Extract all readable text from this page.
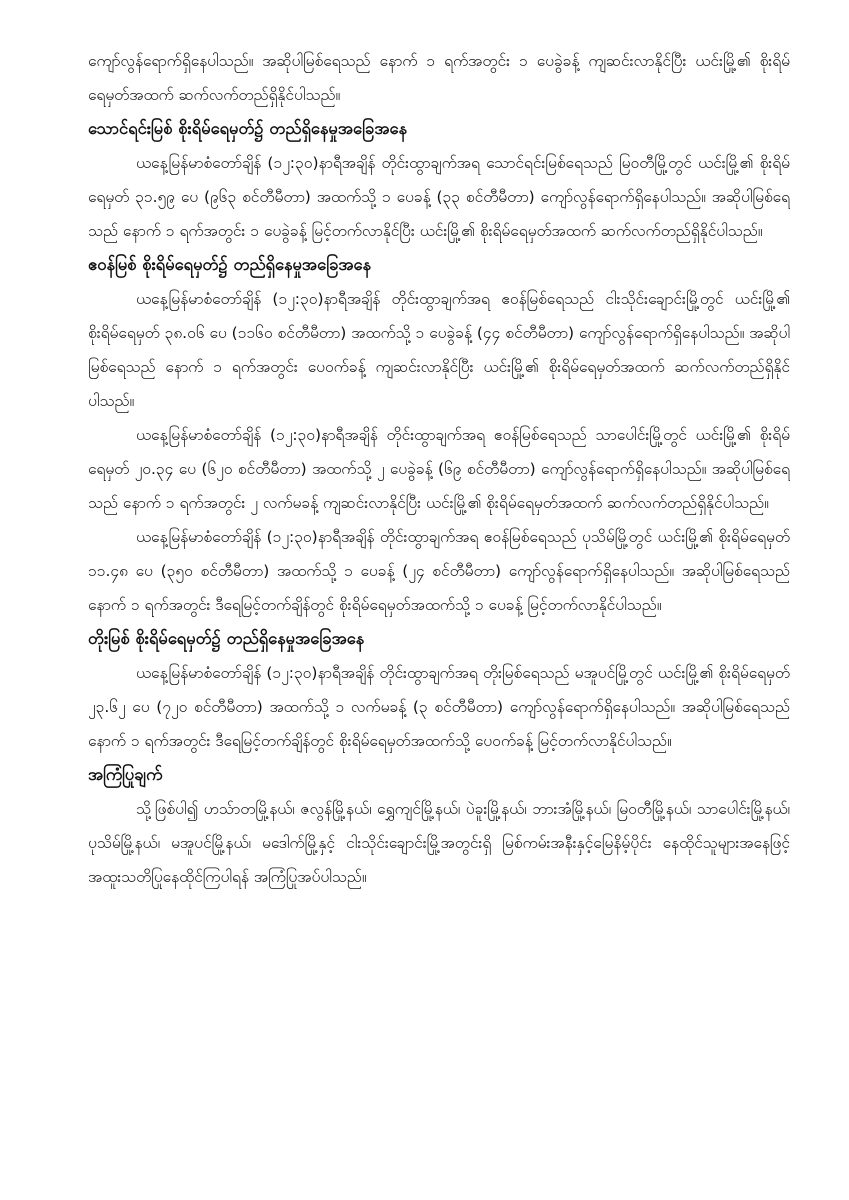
ကျော်လွန်ရောက်ရှိနေပါသည်။ အဆိုပါမြစ်ရေသည် နောက် ၁ ရက်အတွင်း ၁ ပေခွဲခန့် ကျဆင်းလာနိုင်ပြီး ယင်းမြို့၏ စိုးရိမ်ရေမှတ်အထက် ဆက်လက်တည်ရှိနိုင်ပါသည်။

သောင်ရင်းမြစ် စိုးရိမ်ရေမှတ်၌ တည်ရှိနေမှုအခြေအနေ

ယနေ့မြန်မာစံတော်ချိန် (၁၂:၃၀)နာရီအချိန် တိုင်းထွာချက်အရ သောင်ရင်းမြစ်ရေသည် မြဝတီမြို့တွင် ယင်းမြို့၏ စိုးရိမ်ရေမှတ် ၃၁.၅၉ ပေ (၉၆၃ စင်တီမီတာ) အထက်သို့ ၁ ပေခန့် (၃၃ စင်တီမီတာ) ကျော်လွန်ရောက်ရှိနေပါသည်။ အဆိုပါမြစ်ရေသည် နောက် ၁ ရက်အတွင်း ၁ ပေခွဲခန့် မြင့်တက်လာနိုင်ပြီး ယင်းမြို့၏ စိုးရိမ်ရေမှတ်အထက် ဆက်လက်တည်ရှိနိုင်ပါသည်။

ဧဝန်မြစ် စိုးရိမ်ရေမှတ်၌ တည်ရှိနေမှုအခြေအနေ

ယနေ့မြန်မာစံတော်ချိန် (၁၂:၃၀)နာရီအချိန် တိုင်းထွာချက်အရ ဧဝန်မြစ်ရေသည် ငါးသိုင်းချောင်းမြို့တွင် ယင်းမြို့၏ စိုးရိမ်ရေမှတ် ၃၈.၀၆ ပေ (၁၁၆၀ စင်တီမီတာ) အထက်သို့ ၁ ပေခွဲခန့် (၄၄ စင်တီမီတာ) ကျော်လွန်ရောက်ရှိနေပါသည်။ အဆိုပါမြစ်ရေသည် နောက် ၁ ရက်အတွင်း ပေဝက်ခန့် ကျဆင်းလာနိုင်ပြီး ယင်းမြို့၏ စိုးရိမ်ရေမှတ်အထက် ဆက်လက်တည်ရှိနိုင်ပါသည်။

ယနေ့မြန်မာစံတော်ချိန် (၁၂:၃၀)နာရီအချိန် တိုင်းထွာချက်အရ ဧဝန်မြစ်ရေသည် သာပေါင်းမြို့တွင် ယင်းမြို့၏ စိုးရိမ်ရေမှတ် ၂၀.၃၄ ပေ (၆၂၀ စင်တီမီတာ) အထက်သို့ ၂ ပေခွဲခန့် (၆၉ စင်တီမီတာ) ကျော်လွန်ရောက်ရှိနေပါသည်။ အဆိုပါမြစ်ရေသည် နောက် ၁ ရက်အတွင်း ၂ လက်မခန့် ကျဆင်းလာနိုင်ပြီး ယင်းမြို့၏ စိုးရိမ်ရေမှတ်အထက် ဆက်လက်တည်ရှိနိုင်ပါသည်။

ယနေ့မြန်မာစံတော်ချိန် (၁၂:၃၀)နာရီအချိန် တိုင်းထွာချက်အရ ဧဝန်မြစ်ရေသည် ပုသိမ်မြို့တွင် ယင်းမြို့၏ စိုးရိမ်ရေမှတ် ၁၁.၄၈ ပေ (၃၅၀ စင်တီမီတာ) အထက်သို့ ၁ ပေခန့် (၂၄ စင်တီမီတာ) ကျော်လွန်ရောက်ရှိနေပါသည်။ အဆိုပါမြစ်ရေသည် နောက် ၁ ရက်အတွင်း ဒီရေမြင့်တက်ချိန်တွင် စိုးရိမ်ရေမှတ်အထက်သို့ ၁ ပေခန့် မြင့်တက်လာနိုင်ပါသည်။

တိုးမြစ် စိုးရိမ်ရေမှတ်၌ တည်ရှိနေမှုအခြေအနေ

ယနေ့မြန်မာစံတော်ချိန် (၁၂:၃၀)နာရီအချိန် တိုင်းထွာချက်အရ တိုးမြစ်ရေသည် မအူပင်မြို့တွင် ယင်းမြို့၏ စိုးရိမ်ရေမှတ် ၂၃.၆၂ ပေ (၇၂၀ စင်တီမီတာ) အထက်သို့ ၁ လက်မခန့် (၃ စင်တီမီတာ) ကျော်လွန်ရောက်ရှိနေပါသည်။ အဆိုပါမြစ်ရေသည် နောက် ၁ ရက်အတွင်း ဒီရေမြင့်တက်ချိန်တွင် စိုးရိမ်ရေမှတ်အထက်သို့ ပေဝက်ခန့် မြင့်တက်လာနိုင်ပါသည်။

အကြံပြုချက်

သို့ဖြစ်ပါ၍ ဟသ်ာတမြို့နယ်၊ ဇလွန်မြို့နယ်၊ ရွှေကျင်မြို့နယ်၊ ပဲခူးမြို့နယ်၊ ဘားအံမြို့နယ်၊ မြဝတီမြို့နယ်၊ သာပေါင်းမြို့နယ်၊ ပုသိမ်မြို့နယ်၊ မအူပင်မြို့နယ်၊ မဒေါက်မြို့နှင့် ငါးသိုင်းချောင်းမြို့အတွင်းရှိ မြစ်ကမ်းအနီးနှင့်မြေနိမ့်ပိုင်း နေထိုင်သူများအနေဖြင့် အထူးသတိပြုနေထိုင်ကြပါရန် အကြံပြုအပ်ပါသည်။
